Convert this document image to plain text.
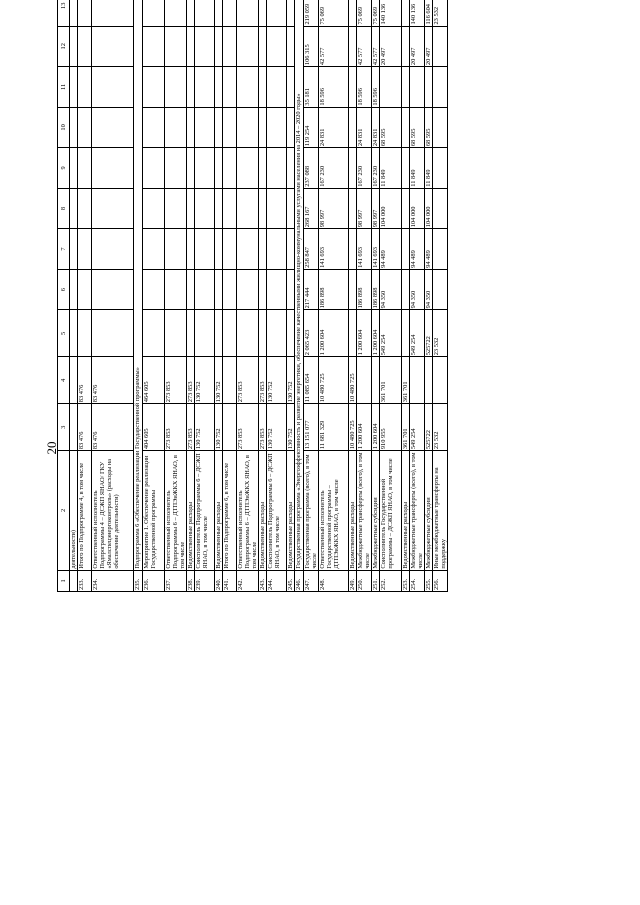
20
1	2	3	4	5	6	7	8	9	10	11	12	13						
	деятельности)																	
233.	Итого по Подпрограмме 4, в том числе	83 476	83 476															
234.	Ответственный исполнитель Подпрограммы 4 – ДСЖП ЯНАО/ ГКУ «Ямалспецэнергоконтроль» (расходы на обеспечение деятельности)	83 476	83 476															
235.	Подпрограмма 6 «Обеспечение реализации Государственной программы»																	
236.	Мероприятие 1. Обеспечение реализации Государственной программы	404 605	464 605															
237.	Ответственный исполнитель Подпрограммы 6 – ДТПЭиЖКХ ЯНАО, в том числе	273 853	273 853															
238.	Ведомственные расходы	273 853	273 853															
239.	Соисполнитель Подпрограммы 6 – ДСЖП ЯНАО, в том числе	130 752	130 752															
240.	Ведомственные расходы	130 752	130 752															
241.	Итого по Подпрограмме 6, в том числе																	
242.	Ответственный исполнитель Подпрограммы 6 – ДТПЭиЖКХ ЯНАО, в том числе	273 853	273 853															
243.	Ведомственные расходы	273 853	273 853															
244.	Соисполнитель Подпрограммы 6 – ДСЖП ЯНАО, в том числе	130 752	130 752															
245.	Ведомственные расходы	130 752	130 752															
246.	Государственная программа «Энергоэффективность и развитие энергетики, обеспечение качественными жилищно-коммунальными услугами населения на 2014 – 2020 годы»																	
247.	Государственная программа (всего), в том числе	13 151 077	11 085 654	2 065 423	217 444	258 847	268 167	237 088	119 254	35 181	106 315	219 059						
248.	Ответственный исполнитель Государственной программы – ДТПЭиЖКХ ЯНАО, в том числе	11 681 329	10 480 725	1 200 604	186 898	141 693	98 997	167 230	24 831	18 596	42 577	75 069						
249.	Ведомственные расходы	10 480 725	10 480 725															
250.	Межбюджетные трансферты (всего), в том числе	1 200 604		1 200 604	186 898	141 693	98 997	167 230	24 831	18 596	42 577	75 069						
251.	Межбюджетные субсидии	1 200 604		1 200 604	186 898	141 693	98 997	167 230	24 831	18 596	42 577	75 069						
252.	Соисполнитель Государственной программы – ДСЖП ЯНАО, в том числе	910 955	361 701	549 254	94 350	94 489	104 000	11 849	68 595		20 497	140 136						
253.	Ведомственные расходы	361 701	361 701															
254.	Межбюджетные трансферты (всего), в том числе	549 254		549 254	94 350	94 489	104 000	11 849	68 595		20 497	140 136						
255.	Межбюджетные субсидии	525722		525722	94 350	94 489	104 000	11 849	68 595		20 497	116 604						
256.	Иные межбюджетные трансферты на поддержку	23 532		23 532								23 532						
